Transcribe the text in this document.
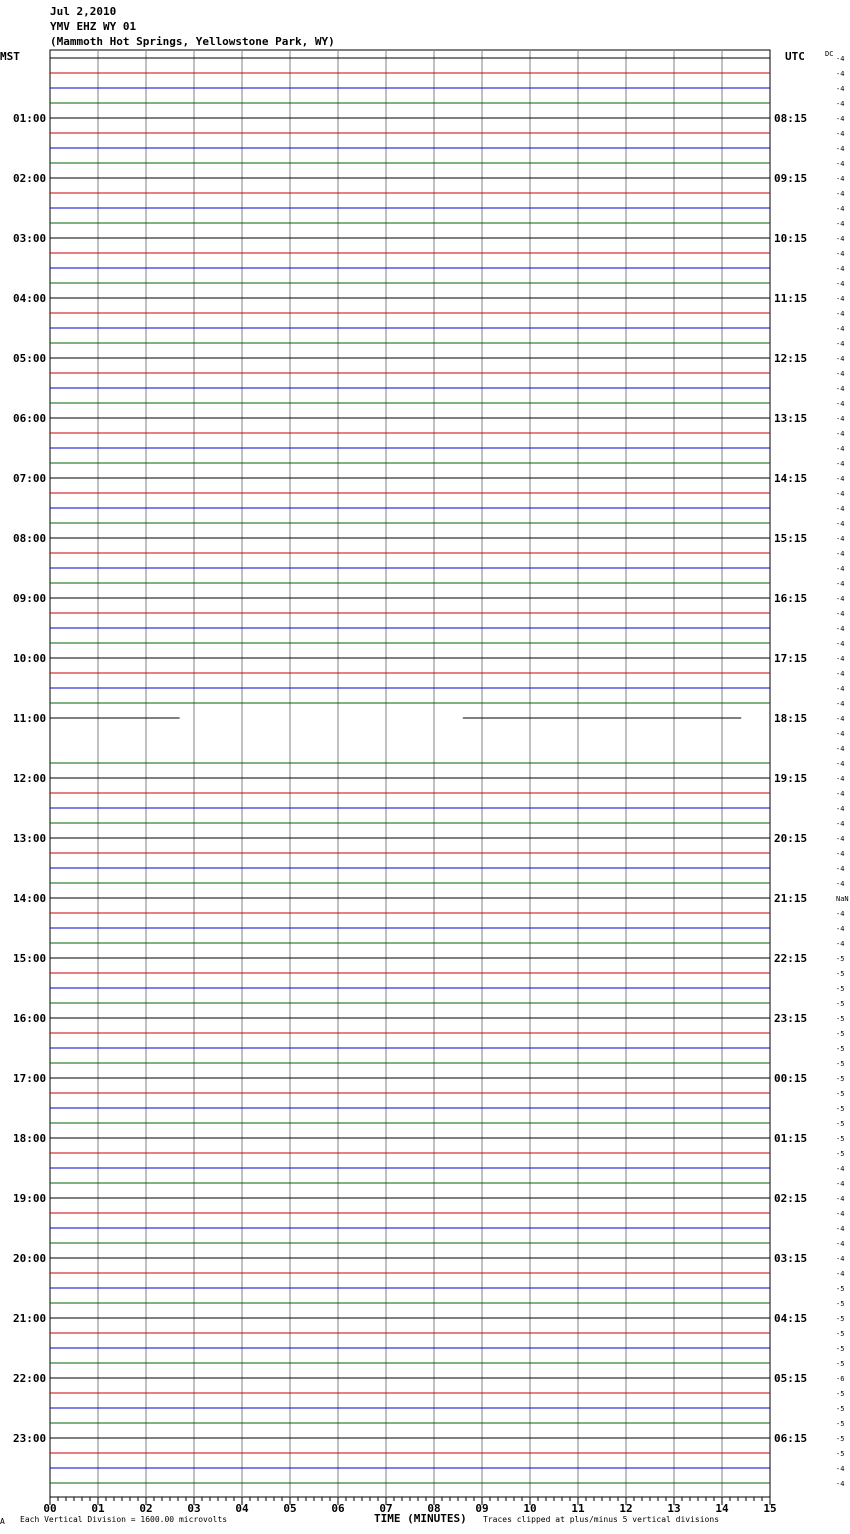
Jul 2,2010
YMV EHZ WY 01
(Mammoth Hot Springs, Yellowstone Park, WY)
MST	UTC	-4
-4
-4
-4
-4
-4
-4
-4
-4
-4
-4
-4
-4
-4
-4
-4
-4
-4
-4
-4
-4
-4
-4
-4
-4
-4
-4
-4
-4
-4
-4
-4
-4
-4
-4
-4
-4
-4
-4
-4
-4
-4
-4
-4
-4
-4
-4
-4
-4
-4
-4
-4
-4
-4
-4
-4
NaN
-4
-4
-4
-5
-5
-5
-5
-5
-5
-5
-5
-5
-5
-5
-5
-5
-5
-4
-4
-4
-4
-4
-4
-4
-4
-5
-5
-5
-5
-5
-5
-6
-5
-5
-5
-5
-5
-4
-4
DC
01:00
02:00
03:00
04:00
05:00
06:00
07:00
08:00
09:00
10:00
11:00
12:00
13:00
14:00
15:00
16:00
17:00
18:00
19:00
20:00
21:00
22:00
23:00
08:15
09:15
10:15
11:15
12:15
13:15
14:15
15:15
16:15
17:15
18:15
19:15
20:15
21:15
22:15
23:15
00:15
01:15
02:15
03:15
04:15
05:15
06:15
00	01	02	03	04	05	06	07	08	09	10	11	12	13	14	15
A Each Vertical Division = 1600.00 microvolts	TIME (MINUTES) Traces clipped at plus/minus 5 vertical divisions
